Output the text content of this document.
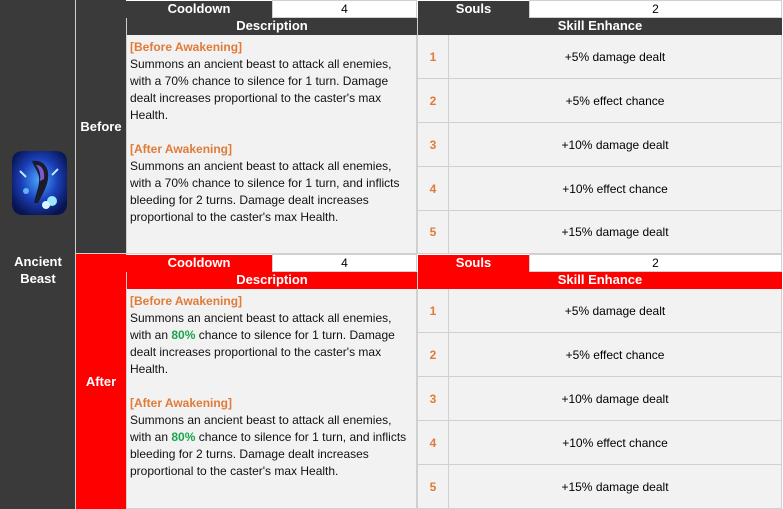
Ancient Beast
Before
Cooldown	4	Souls	2
Description	Skill Enhance
[Before Awakening]
Summons an ancient beast to attack all enemies, with a 70% chance to silence for 1 turn. Damage dealt increases proportional to the caster's max Health.
[After Awakening]
Summons an ancient beast to attack all enemies, with a 70% chance to silence for 1 turn, and inflicts bleeding for 2 turns. Damage dealt increases proportional to the caster's max Health.
1	+5% damage dealt
2	+5% effect chance
3	+10% damage dealt
4	+10% effect chance
5	+15% damage dealt
After
Cooldown	4	Souls	2
Description	Skill Enhance
[Before Awakening]
Summons an ancient beast to attack all enemies, with an 80% chance to silence for 1 turn. Damage dealt increases proportional to the caster's max Health.
[After Awakening]
Summons an ancient beast to attack all enemies, with an 80% chance to silence for 1 turn, and inflicts bleeding for 2 turns. Damage dealt increases proportional to the caster's max Health.
1	+5% damage dealt
2	+5% effect chance
3	+10% damage dealt
4	+10% effect chance
5	+15% damage dealt
